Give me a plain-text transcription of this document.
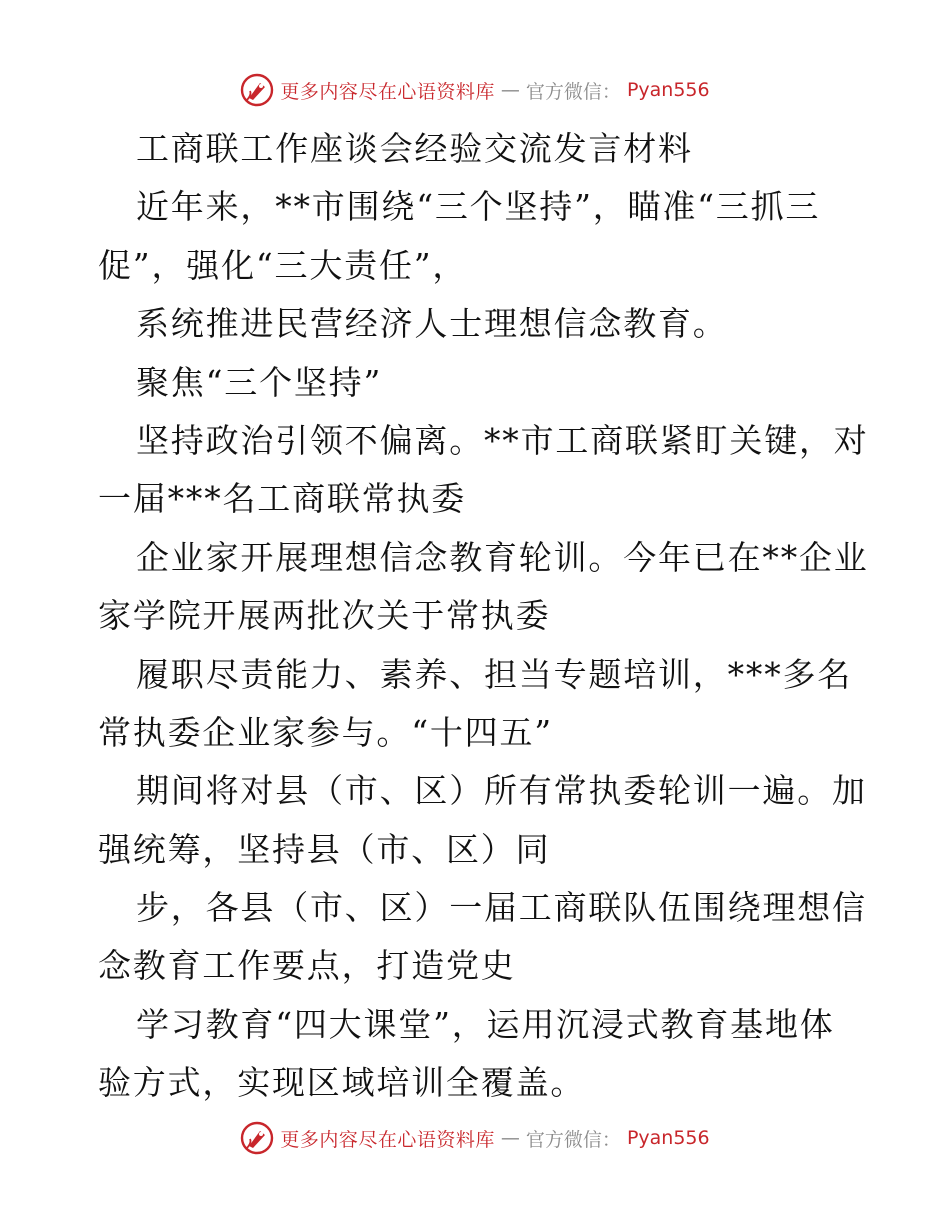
更多内容尽在心语资料库 — 官方微信： Pyan556
工商联工作座谈会经验交流发言材料
近年来，**市围绕“三个坚持”，瞄准“三抓三
促”，强化“三大责任”，
系统推进民营经济人士理想信念教育。
聚焦“三个坚持”
坚持政治引领不偏离。**市工商联紧盯关键，对
一届***名工商联常执委
企业家开展理想信念教育轮训。今年已在**企业
家学院开展两批次关于常执委
履职尽责能力、素养、担当专题培训，***多名
常执委企业家参与。“十四五”
期间将对县（市、区）所有常执委轮训一遍。加
强统筹，坚持县（市、区）同
步，各县（市、区）一届工商联队伍围绕理想信
念教育工作要点，打造党史
学习教育“四大课堂”，运用沉浸式教育基地体
验方式，实现区域培训全覆盖。
更多内容尽在心语资料库 — 官方微信： Pyan556
